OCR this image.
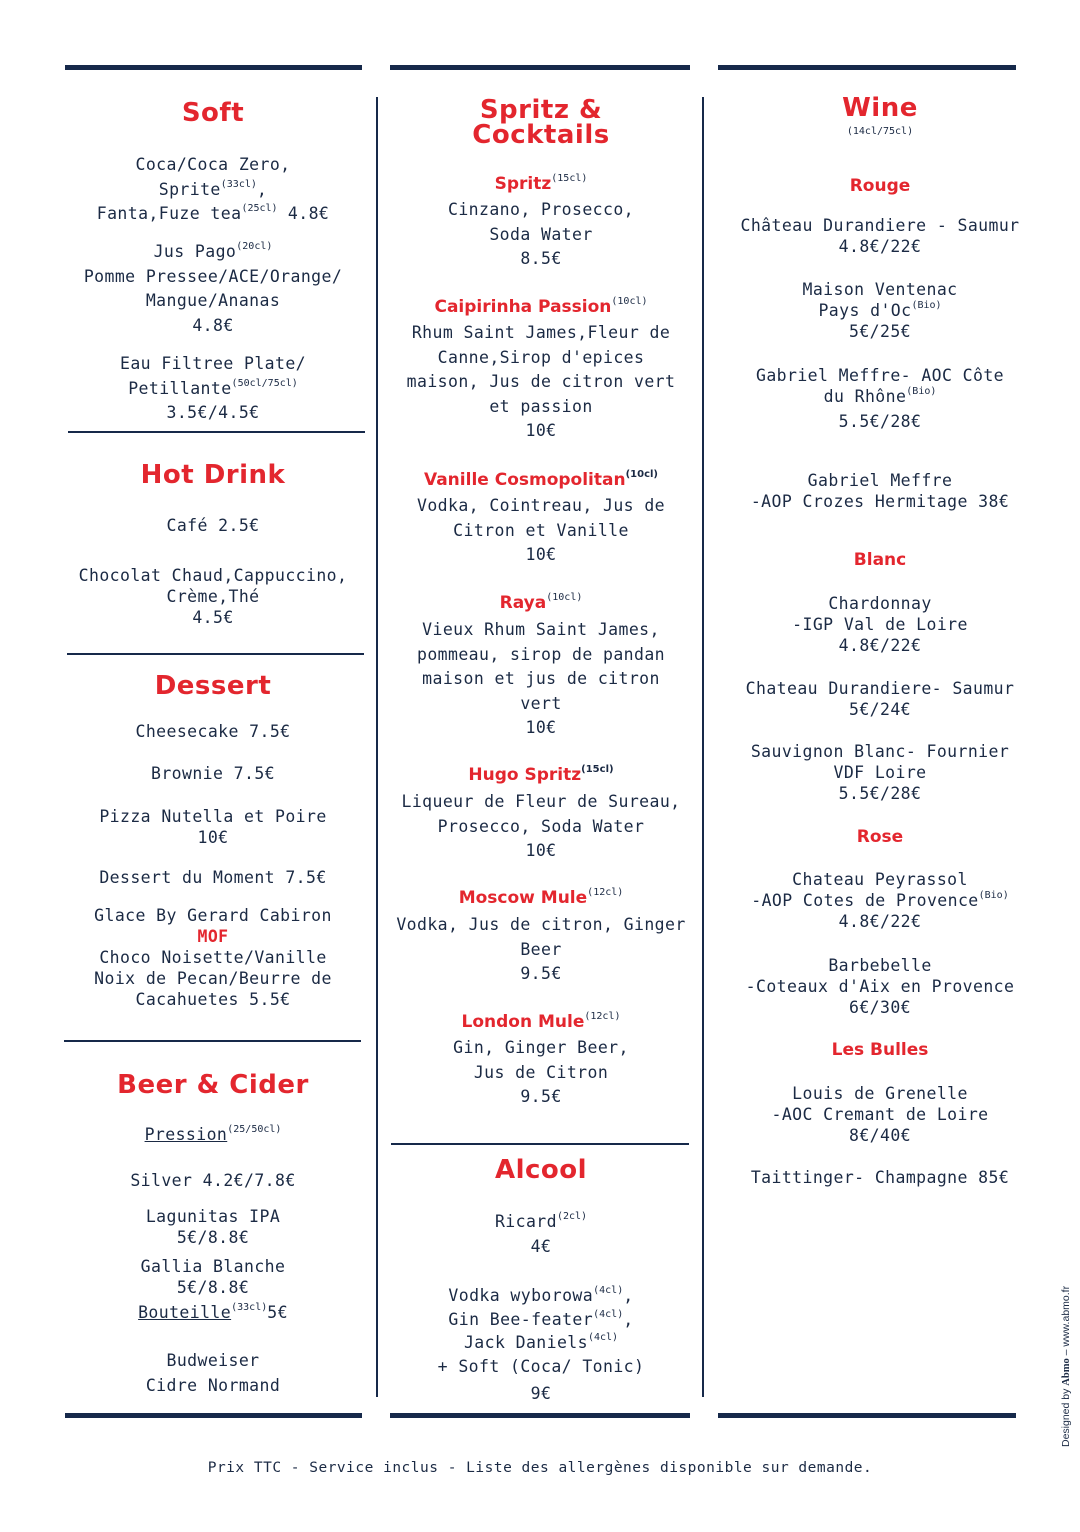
Soft
Coca/Coca Zero,
Sprite$^{(33cl)}$,
Fanta,Fuze tea$^{(25cl)}$ 4.8€
Jus Pago$^{(20cl)}$
Pomme Pressee/ACE/Orange/
Mangue/Ananas
4.8€
Eau Filtree Plate/
Petillante$^{(50cl/75cl)}$
3.5€/4.5€
Hot Drink
Café 2.5€
Chocolat Chaud,Cappuccino,
Crème,Thé
4.5€
Dessert
Cheesecake 7.5€
Brownie 7.5€
Pizza Nutella et Poire
10€
Dessert du Moment 7.5€
Glace By Gerard Cabiron
MOF
Choco Noisette/Vanille
Noix de Pecan/Beurre de
Cacahuetes 5.5€
Beer & Cider
Pression$^{(25/50cl)}$
Silver 4.2€/7.8€
Lagunitas IPA
5€/8.8€
Gallia Blanche
5€/8.8€
Bouteille$^{(33cl)}$5€
Budweiser
Cidre Normand
Spritz &
Cocktails
Spritz$^{(15cl)}$
Cinzano, Prosecco,
Soda Water
8.5€
Caipirinha Passion$^{(10cl)}$
Rhum Saint James,Fleur de
Canne,Sirop d'epices
maison, Jus de citron vert
et passion
10€
Vanille Cosmopolitan$^{(10cl)}$
Vodka, Cointreau, Jus de
Citron et Vanille
10€
Raya$^{(10cl)}$
Vieux Rhum Saint James,
pommeau, sirop de pandan
maison et jus de citron
vert
10€
Hugo Spritz$^{(15cl)}$
Liqueur de Fleur de Sureau,
Prosecco, Soda Water
10€
Moscow Mule$^{(12cl)}$
Vodka, Jus de citron, Ginger
Beer
9.5€
London Mule$^{(12cl)}$
Gin, Ginger Beer,
Jus de Citron
9.5€
Alcool
Ricard$^{(2cl)}$
4€
Vodka wyborowa$^{(4cl)}$,
Gin Bee-feater$^{(4cl)}$,
Jack Daniels$^{(4cl)}$
+ Soft (Coca/ Tonic)
9€
Wine
(14cl/75cl)
Rouge
Château Durandiere - Saumur
4.8€/22€
Maison Ventenac
Pays $d'Oc^{(Bio)}$
5€/25€
Gabriel Meffre- AOC Côte
du Rhône$^{(Bio)}$
5.5€/28€
Gabriel Meffre
-AOP Crozes Hermitage 38€
Blanc
Chardonnay
-IGP Val de Loire
4.8€/22€
Chateau Durandiere- Saumur
5€/24€
Sauvignon Blanc- Fournier
VDF Loire
5.5€/28€
Rose
Chateau Peyrassol
-AOP Cotes de Provence$^{(Bio)}$
4.8€/22€
Barbebelle
-Coteaux d'Aix en Provence
6€/30€
Les Bulles
Louis de Grenelle
-AOC Cremant de Loire
8€/40€
Taittinger- Champagne 85€
Prix TTC - Service inclus - Liste des allergènes disponible sur demande.
Designed by Abmo – www.abmo.fr
